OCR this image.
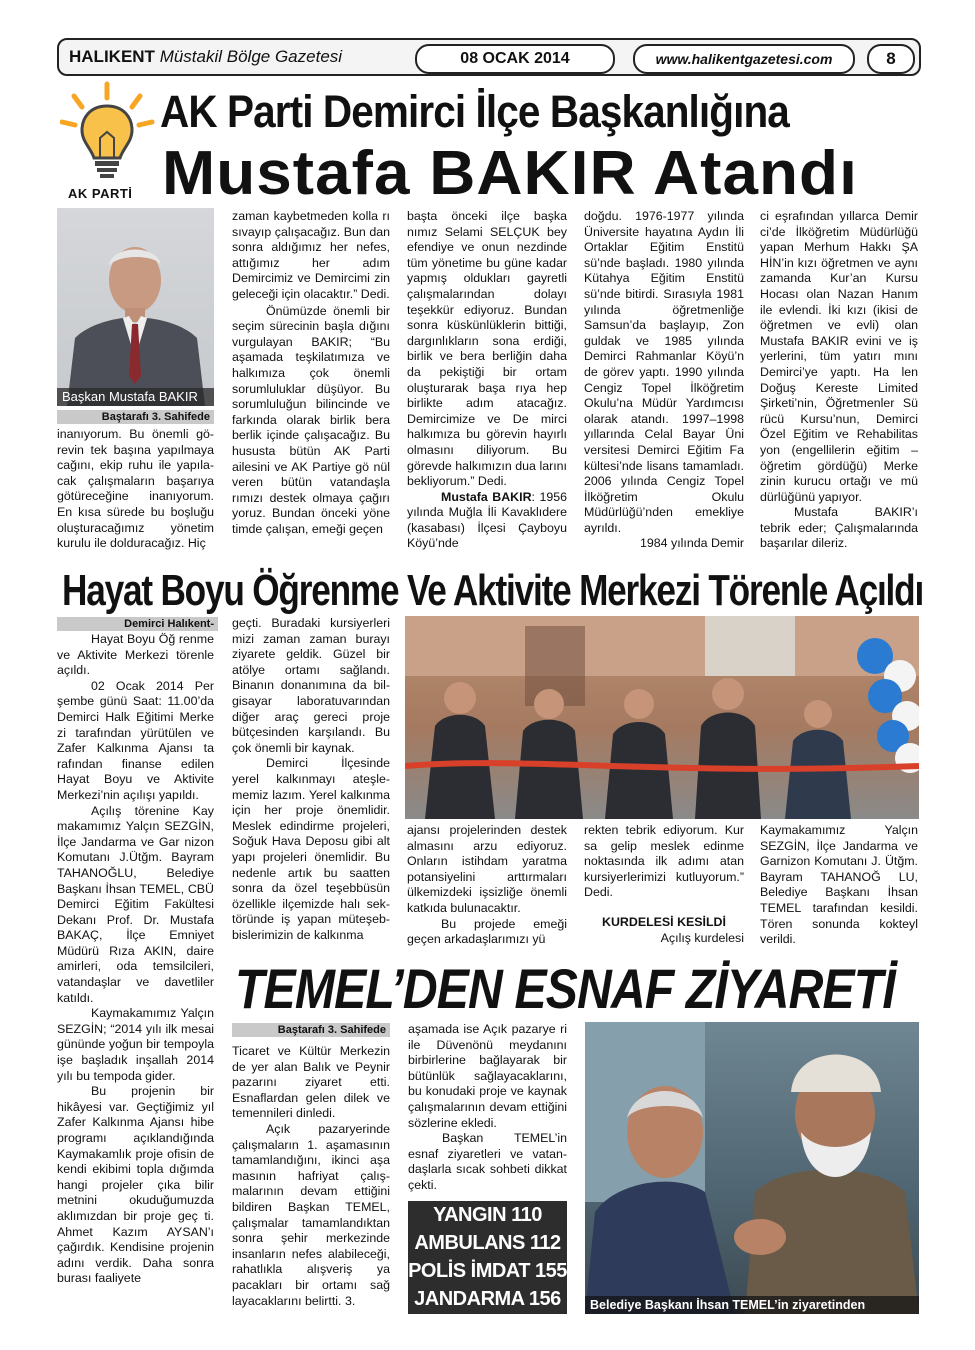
HALIKENT Müstakil Bölge Gazetesi	08 OCAK 2014	www.halikentgazetesi.com	8
AK PARTİ
AK Parti Demirci İlçe Başkanlığına
Mustafa BAKIR Atandı
Başkan Mustafa BAKIR
Baştarafı 3. Sahifede

inanıyorum. Bu önemli görevin tek başına yapılmaya cağını, ekip ruhu ile yapılacak çalışmaların başarıya götüreceğine inanıyorum. En kısa sürede bu boşluğu oluşturacağımız yönetim kurulu ile dolduracağız. Hiç

zaman kaybetmeden kolla rı sıvayıp çalışacağız. Bun dan sonra aldığımız her nefes, attığımız her adım Demircimiz ve Demircimi zin geleceği için olacaktır.” Dedi.

Önümüzde önemli bir seçim sürecinin başla dığını vurgulayan BAKIR; “Bu aşamada teşkilatımıza ve halkımıza çok önemli sorumluluklar düşüyor. Bu sorumluluğun bilincinde ve farkında olarak birlik bera berlik içinde çalışacağız. Bu hususta bütün AK Parti ailesini ve AK Partiye gö nül veren bütün vatandaşla rımızı destek olmaya çağırı yoruz. Bundan önceki yöne timde çalışan, emeği geçen

başta önceki ilçe başka nımız Selami SELÇUK bey efendiye ve onun nezdinde tüm yönetime bu güne kadar yapmış oldukları gayretli çalışmalarından dolayı teşekkür ediyoruz. Bundan sonra küskünlüklerin bittiği, dargınlıkların sona erdiği, birlik ve bera berliğin daha da pekiştiği bir ortam oluşturarak başa rıya hep birlikte adım atacağız. Demircimize ve De mirci halkımıza bu görevin hayırlı olmasını diliyorum. Bu görevde halkımızın dua larını bekliyorum.” Dedi.

Mustafa BAKIR: 1956 yılında Muğla İli Kavaklıdere (kasabası) İlçesi Çayboyu Köyü’nde

doğdu. 1976-1977 yılında Üniversite hayatına Aydın İli Ortaklar Eğitim Enstitü sü’nde başladı. 1980 yılında Kütahya Eğitim Enstitü sü’nde bitirdi. Sırasıyla 1981 yılında öğretmenliğe Samsun’da başlayıp, Zon guldak ve 1985 yılında Demirci Rahmanlar Köyü’n de görev yaptı. 1990 yılında Cengiz Topel İlköğretim Okulu’na Müdür Yardımcısı olarak atandı. 1997–1998 yıllarında Celal Bayar Üni versitesi Demirci Eğitim Fa kültesi’nde lisans tamamladı. 2006 yılında Cengiz Topel İlköğretim Okulu Müdürlüğü’nden emekliye ayrıldı.

1984 yılında Demir

ci eşrafından yıllarca Demir ci’de İlköğretim Müdürlüğü yapan Merhum Hakkı ŞA HİN’in kızı öğretmen ve aynı zamanda Kur’an Kursu Hocası olan Nazan Hanım ile evlendi. İki kızı (ikisi de öğretmen ve evli) olan Mustafa BAKIR evini ve iş yerlerini, tüm yatırı mını Demirci’ye yaptı. Ha len Doğuş Kereste Limited Şirketi’nin, Öğretmenler Sü rücü Kursu’nun, Demirci Özel Eğitim ve Rehabilitas yon (engellilerin eğitim – öğretim gördüğü) Merke zinin kurucu ortağı ve mü dürlüğünü yapıyor.

Mustafa BAKIR’ı tebrik eder; Çalışmalarında başarılar dileriz.

Hayat Boyu Öğrenme Ve Aktivite Merkezi Törenle Açıldı
Demirci Halıkent-

Hayat Boyu Öğ renme ve Aktivite Merkezi törenle açıldı.

02 Ocak 2014 Per şembe günü Saat: 11.00’da Demirci Halk Eğitimi Merke zi tarafından yürütülen ve Zafer Kalkınma Ajansı ta rafından finanse edilen Hayat Boyu ve Aktivite Merkezi’nin açılışı yapıldı.

Açılış törenine Kay makamımız Yalçın SEZGİN, İlçe Jandarma ve Gar nizon Komutanı J.Ütğm. Bayram TAHANOĞLU, Belediye Başkanı İhsan TEMEL, CBÜ Demirci Eğitim Fakültesi Dekanı Prof. Dr. Mustafa BAKAÇ, İlçe Emniyet Müdürü Rıza AKIN, daire amirleri, oda temsilcileri, vatandaşlar ve davetliler katıldı.

Kaymakamımız Yalçın SEZGİN; “2014 yılı ilk mesai gününde yoğun bir tempoyla işe başladık inşallah 2014 yılı bu tempoda gider.

Bu projenin bir hikâyesi var. Geçtiğimiz yıl Zafer Kalkınma Ajansı hibe programı açıklandığında Kaymakamlık proje ofisin de kendi ekibimi topla dığımda hangi projeler çıka bilir metnini okuduğumuzda aklımızdan bir proje geç ti. Ahmet Kazım AYSAN’ı çağırdık. Kendisine projenin adını verdik. Daha sonra burası faaliyete

geçti. Buradaki kursiyerleri mizi zaman zaman burayı ziyarete geldik. Güzel bir atölye ortamı sağlandı. Binanın donanımına da bilgisayar laboratuvarından diğer araç gereci proje bütçesinden karşılandı. Bu çok önemli bir kaynak.

Demirci İlçesinde yerel kalkınmayı ateşlememiz lazım. Yerel kalkınma için her proje önemlidir. Meslek edindirme projeleri, Soğuk Hava Deposu gibi alt yapı projeleri önemlidir. Bu nedenle artık bu saatten sonra da özel teşebbüsün özellikle ilçemizde halı sektöründe iş yapan müteşebbislerimizin de kalkınma

ajansı projelerinden destek almasını arzu ediyoruz. Onların istihdam yaratma potansiyelini arttırmaları ülkemizdeki işsizliğe önemli katkıda bulunacaktır.

Bu projede emeği geçen arkadaşlarımızı yü

rekten tebrik ediyorum. Kur sa gelip meslek edinme noktasında ilk adımı atan kursiyerlerimizi kutluyorum.” Dedi.

KURDELESİ KESİLDİ

Açılış kurdelesi

Kaymakamımız Yalçın SEZGİN, İlçe Jandarma ve Garnizon Komutanı J. Ütğm. Bayram TAHANOĞ LU, Belediye Başkanı İhsan TEMEL tarafından kesildi. Tören sonunda kokteyl verildi.

TEMEL’DEN ESNAF ZİYARETİ
Baştarafı 3. Sahifede

Ticaret ve Kültür Merkezin de yer alan Balık ve Peynir pazarını ziyaret etti. Esnaflardan gelen dilek ve temennileri dinledi.

Açık pazaryerinde çalışmaların 1. aşamasının tamamlandığını, ikinci aşa masının hafriyat çalışmalarının devam ettiğini bildiren Başkan TEMEL, çalışmalar tamamlandıktan sonra şehir merkezinde insanların nefes alabileceği, rahatlıkla alışveriş ya pacakları bir ortamı sağ layacaklarını belirtti. 3.

aşamada ise Açık pazarye ri ile Düvenönü meydanını birbirlerine bağlayarak bir bütünlük sağlayacaklarını, bu konudaki proje ve kaynak çalışmalarının devam ettiğini sözlerine ekledi.

Başkan TEMEL’in esnaf ziyaretleri ve vatandaşlarla sıcak sohbeti dikkat çekti.

YANGIN 110
AMBULANS 112
POLİS İMDAT 155
JANDARMA 156	Belediye Başkanı İhsan TEMEL’in ziyaretinden
